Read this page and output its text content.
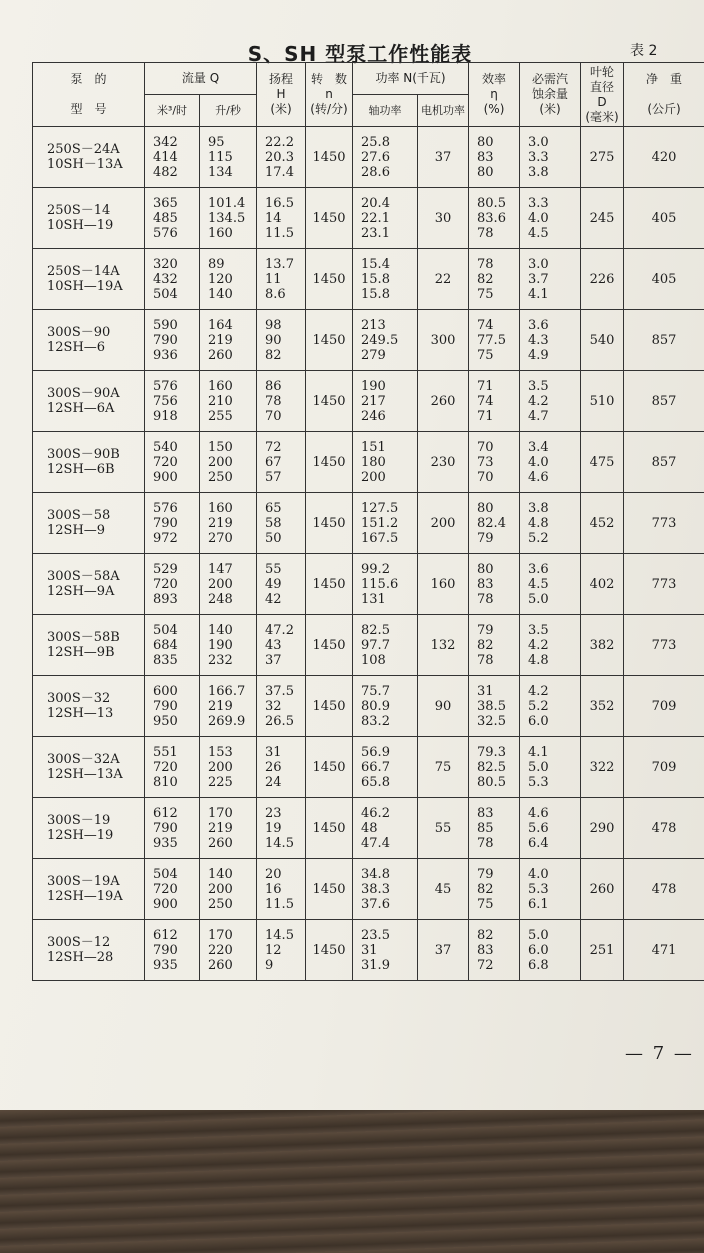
S、SH 型泵工作性能表	表 2
泵　的

型　号	流量 Q		扬程
H
(米)	转　数
n
(转/分)	功率 N(千瓦)		效率
η
(%)	必需汽
蚀余量
(米)	叶轮
直径
D
(毫米)	净　重

(公斤)

	米³/时	升/秒			轴功率	电机功率				

250S－24A
10SH－13A	342
414
482	95
115
134	22.2
20.3
17.4	1450	25.8
27.6
28.6	37	80
83
80	3.0
3.3
3.8	275	420

250S－14
10SH—19	365
485
576	101.4
134.5
160	16.5
14
11.5	1450	20.4
22.1
23.1	30	80.5
83.6
78	3.3
4.0
4.5	245	405

250S－14A
10SH—19A	320
432
504	89
120
140	13.7
11
8.6	1450	15.4
15.8
15.8	22	78
82
75	3.0
3.7
4.1	226	405

300S－90
12SH—6	590
790
936	164
219
260	98
90
82	1450	213
249.5
279	300	74
77.5
75	3.6
4.3
4.9	540	857

300S－90A
12SH—6A	576
756
918	160
210
255	86
78
70	1450	190
217
246	260	71
74
71	3.5
4.2
4.7	510	857

300S－90B
12SH—6B	540
720
900	150
200
250	72
67
57	1450	151
180
200	230	70
73
70	3.4
4.0
4.6	475	857

300S－58
12SH—9	576
790
972	160
219
270	65
58
50	1450	127.5
151.2
167.5	200	80
82.4
79	3.8
4.8
5.2	452	773

300S－58A
12SH—9A	529
720
893	147
200
248	55
49
42	1450	99.2
115.6
131	160	80
83
78	3.6
4.5
5.0	402	773

300S－58B
12SH—9B	504
684
835	140
190
232	47.2
43
37	1450	82.5
97.7
108	132	79
82
78	3.5
4.2
4.8	382	773

300S－32
12SH—13	600
790
950	166.7
219
269.9	37.5
32
26.5	1450	75.7
80.9
83.2	90	31
38.5
32.5	4.2
5.2
6.0	352	709

300S－32A
12SH—13A	551
720
810	153
200
225	31
26
24	1450	56.9
66.7
65.8	75	79.3
82.5
80.5	4.1
5.0
5.3	322	709

300S－19
12SH—19	612
790
935	170
219
260	23
19
14.5	1450	46.2
48
47.4	55	83
85
78	4.6
5.6
6.4	290	478

300S－19A
12SH—19A	504
720
900	140
200
250	20
16
11.5	1450	34.8
38.3
37.6	45	79
82
75	4.0
5.3
6.1	260	478

300S－12
12SH—28	612
790
935	170
220
260	14.5
12
9	1450	23.5
31
31.9	37	82
83
72	5.0
6.0
6.8	251	471
— 7 —
